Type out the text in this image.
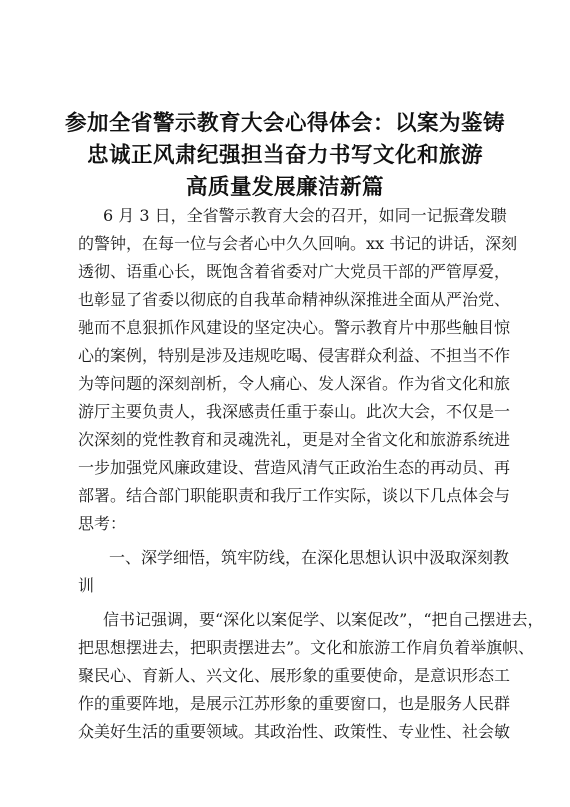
参加全省警示教育大会心得体会：以案为鉴铸
忠诚正风肃纪强担当奋力书写文化和旅游
高质量发展廉洁新篇
6 月 3 日，全省警示教育大会的召开，如同一记振聋发聩
的警钟，在每一位与会者心中久久回响。xx 书记的讲话，深刻
透彻、语重心长，既饱含着省委对广大党员干部的严管厚爱，
也彰显了省委以彻底的自我革命精神纵深推进全面从严治党、
驰而不息狠抓作风建设的坚定决心。警示教育片中那些触目惊
心的案例，特别是涉及违规吃喝、侵害群众利益、不担当不作
为等问题的深刻剖析，令人痛心、发人深省。作为省文化和旅
游厅主要负责人，我深感责任重于泰山。此次大会，不仅是一
次深刻的党性教育和灵魂洗礼，更是对全省文化和旅游系统进
一步加强党风廉政建设、营造风清气正政治生态的再动员、再
部署。结合部门职能职责和我厅工作实际，谈以下几点体会与
思考：
一、深学细悟，筑牢防线，在深化思想认识中汲取深刻教
训
信书记强调，要“深化以案促学、以案促改”，“把自己摆进去，
把思想摆进去，把职责摆进去”。文化和旅游工作肩负着举旗帜、
聚民心、育新人、兴文化、展形象的重要使命，是意识形态工
作的重要阵地，是展示江苏形象的重要窗口，也是服务人民群
众美好生活的重要领域。其政治性、政策性、专业性、社会敏
